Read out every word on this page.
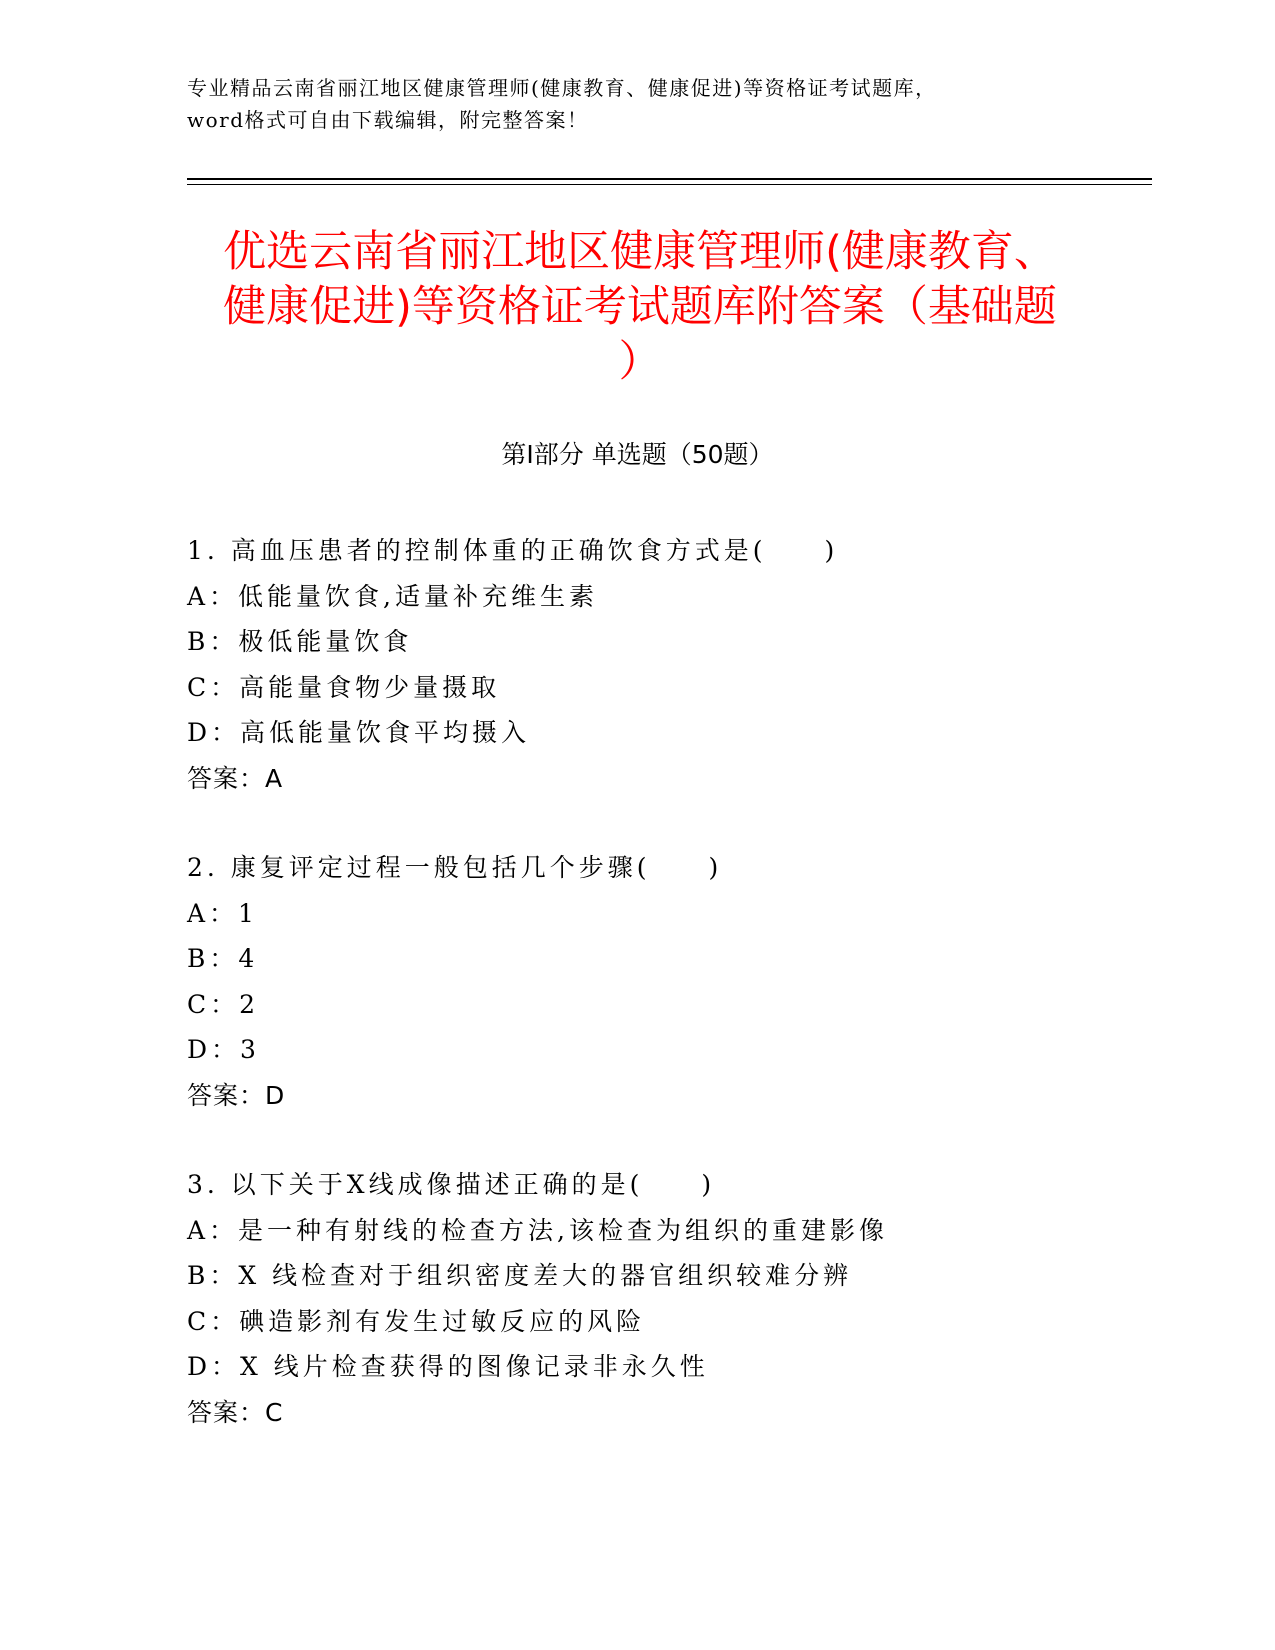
专业精品云南省丽江地区健康管理师(健康教育、健康促进)等资格证考试题库，
word格式可自由下载编辑，附完整答案！
优选云南省丽江地区健康管理师(健康教育、
健康促进)等资格证考试题库附答案（基础题
）
第Ⅰ部分 单选题（50题）
1. 高血压患者的控制体重的正确饮食方式是(　　)
A：低能量饮食,适量补充维生素
B：极低能量饮食
C：高能量食物少量摄取
D：高低能量饮食平均摄入
答案：A
2. 康复评定过程一般包括几个步骤(　　)
A：1
B：4
C：2
D：3
答案：D
3. 以下关于X线成像描述正确的是(　　)
A：是一种有射线的检查方法,该检查为组织的重建影像
B：X 线检查对于组织密度差大的器官组织较难分辨
C：碘造影剂有发生过敏反应的风险
D：X 线片检查获得的图像记录非永久性
答案：C
